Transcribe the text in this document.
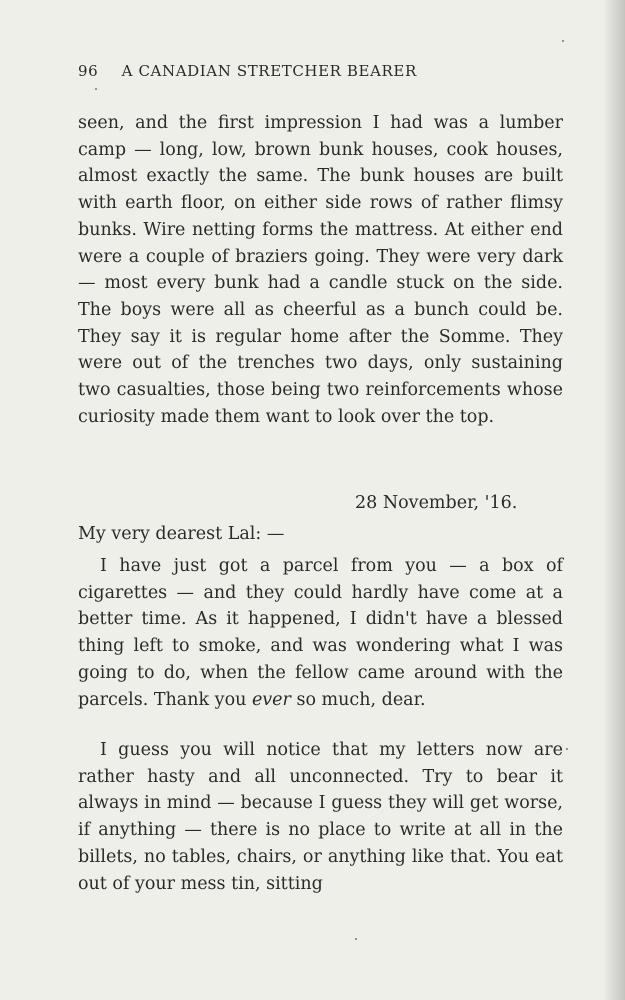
96 A CANADIAN STRETCHER BEARER
seen, and the first impression I had was a lumber camp — long, low, brown bunk houses, cook houses, almost exactly the same. The bunk houses are built with earth floor, on either side rows of rather flimsy bunks. Wire netting forms the mattress. At either end were a couple of braziers going. They were very dark — most every bunk had a candle stuck on the side. The boys were all as cheerful as a bunch could be. They say it is regular home after the Somme. They were out of the trenches two days, only sustaining two casualties, those being two reinforcements whose curiosity made them want to look over the top.
28 November, '16.
My very dearest Lal: —
I have just got a parcel from you — a box of cigarettes — and they could hardly have come at a better time. As it happened, I didn't have a blessed thing left to smoke, and was wondering what I was going to do, when the fellow came around with the parcels. Thank you ever so much, dear.
I guess you will notice that my letters now are rather hasty and all unconnected. Try to bear it always in mind — because I guess they will get worse, if anything — there is no place to write at all in the billets, no tables, chairs, or anything like that. You eat out of your mess tin, sitting
